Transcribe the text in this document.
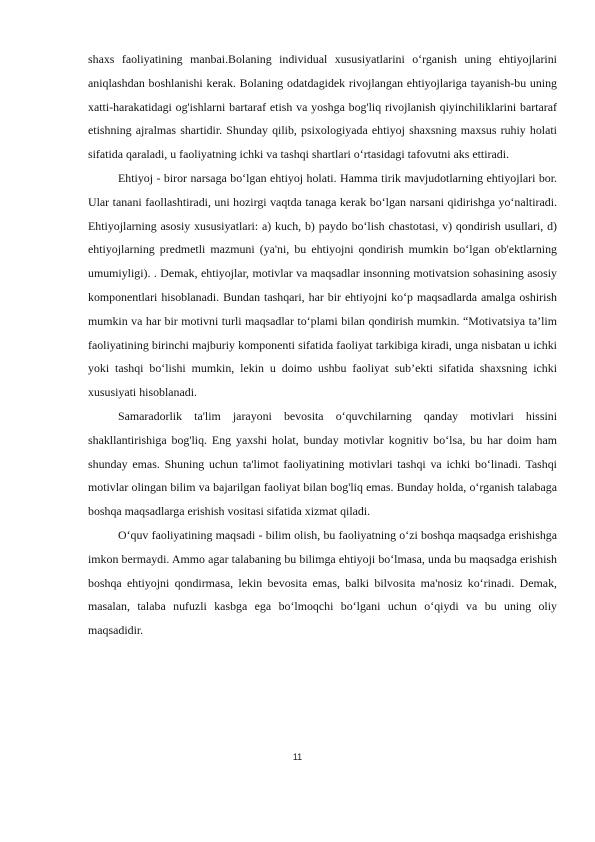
shaxs faoliyatining manbai.Bolaning individual xususiyatlarini o‘rganish uning ehtiyojlarini aniqlashdan boshlanishi kerak. Bolaning odatdagidek rivojlangan ehtiyojlariga tayanish-bu uning xatti-harakatidagi og'ishlarni bartaraf etish va yoshga bog'liq rivojlanish qiyinchiliklarini bartaraf etishning ajralmas shartidir. Shunday qilib, psixologiyada ehtiyoj shaxsning maxsus ruhiy holati sifatida qaraladi, u faoliyatning ichki va tashqi shartlari o‘rtasidagi tafovutni aks ettiradi.

Ehtiyoj - biror narsaga bo‘lgan ehtiyoj holati. Hamma tirik mavjudotlarning ehtiyojlari bor. Ular tanani faollashtiradi, uni hozirgi vaqtda tanaga kerak bo‘lgan narsani qidirishga yo‘naltiradi. Ehtiyojlarning asosiy xususiyatlari: a) kuch, b) paydo bo‘lish chastotasi, v) qondirish usullari, d) ehtiyojlarning predmetli mazmuni (ya'ni, bu ehtiyojni qondirish mumkin bo‘lgan ob'ektlarning umumiyligi). . Demak, ehtiyojlar, motivlar va maqsadlar insonning motivatsion sohasining asosiy komponentlari hisoblanadi. Bundan tashqari, har bir ehtiyojni ko‘p maqsadlarda amalga oshirish mumkin va har bir motivni turli maqsadlar to‘plami bilan qondirish mumkin. “Motivatsiya ta’lim faoliyatining birinchi majburiy komponenti sifatida faoliyat tarkibiga kiradi, unga nisbatan u ichki yoki tashqi bo‘lishi mumkin, lekin u doimo ushbu faoliyat sub’ekti sifatida shaxsning ichki xususiyati hisoblanadi.

Samaradorlik ta'lim jarayoni bevosita o‘quvchilarning qanday motivlari hissini shakllantirishiga bog'liq. Eng yaxshi holat, bunday motivlar kognitiv bo‘lsa, bu har doim ham shunday emas. Shuning uchun ta'limot faoliyatining motivlari tashqi va ichki bo‘linadi. Tashqi motivlar olingan bilim va bajarilgan faoliyat bilan bog'liq emas. Bunday holda, o‘rganish talabaga boshqa maqsadlarga erishish vositasi sifatida xizmat qiladi.

O‘quv faoliyatining maqsadi - bilim olish, bu faoliyatning o‘zi boshqa maqsadga erishishga imkon bermaydi. Ammo agar talabaning bu bilimga ehtiyoji bo‘lmasa, unda bu maqsadga erishish boshqa ehtiyojni qondirmasa, lekin bevosita emas, balki bilvosita ma'nosiz ko‘rinadi. Demak, masalan, talaba nufuzli kasbga ega bo‘lmoqchi bo‘lgani uchun o‘qiydi va bu uning oliy maqsadidir.

11
